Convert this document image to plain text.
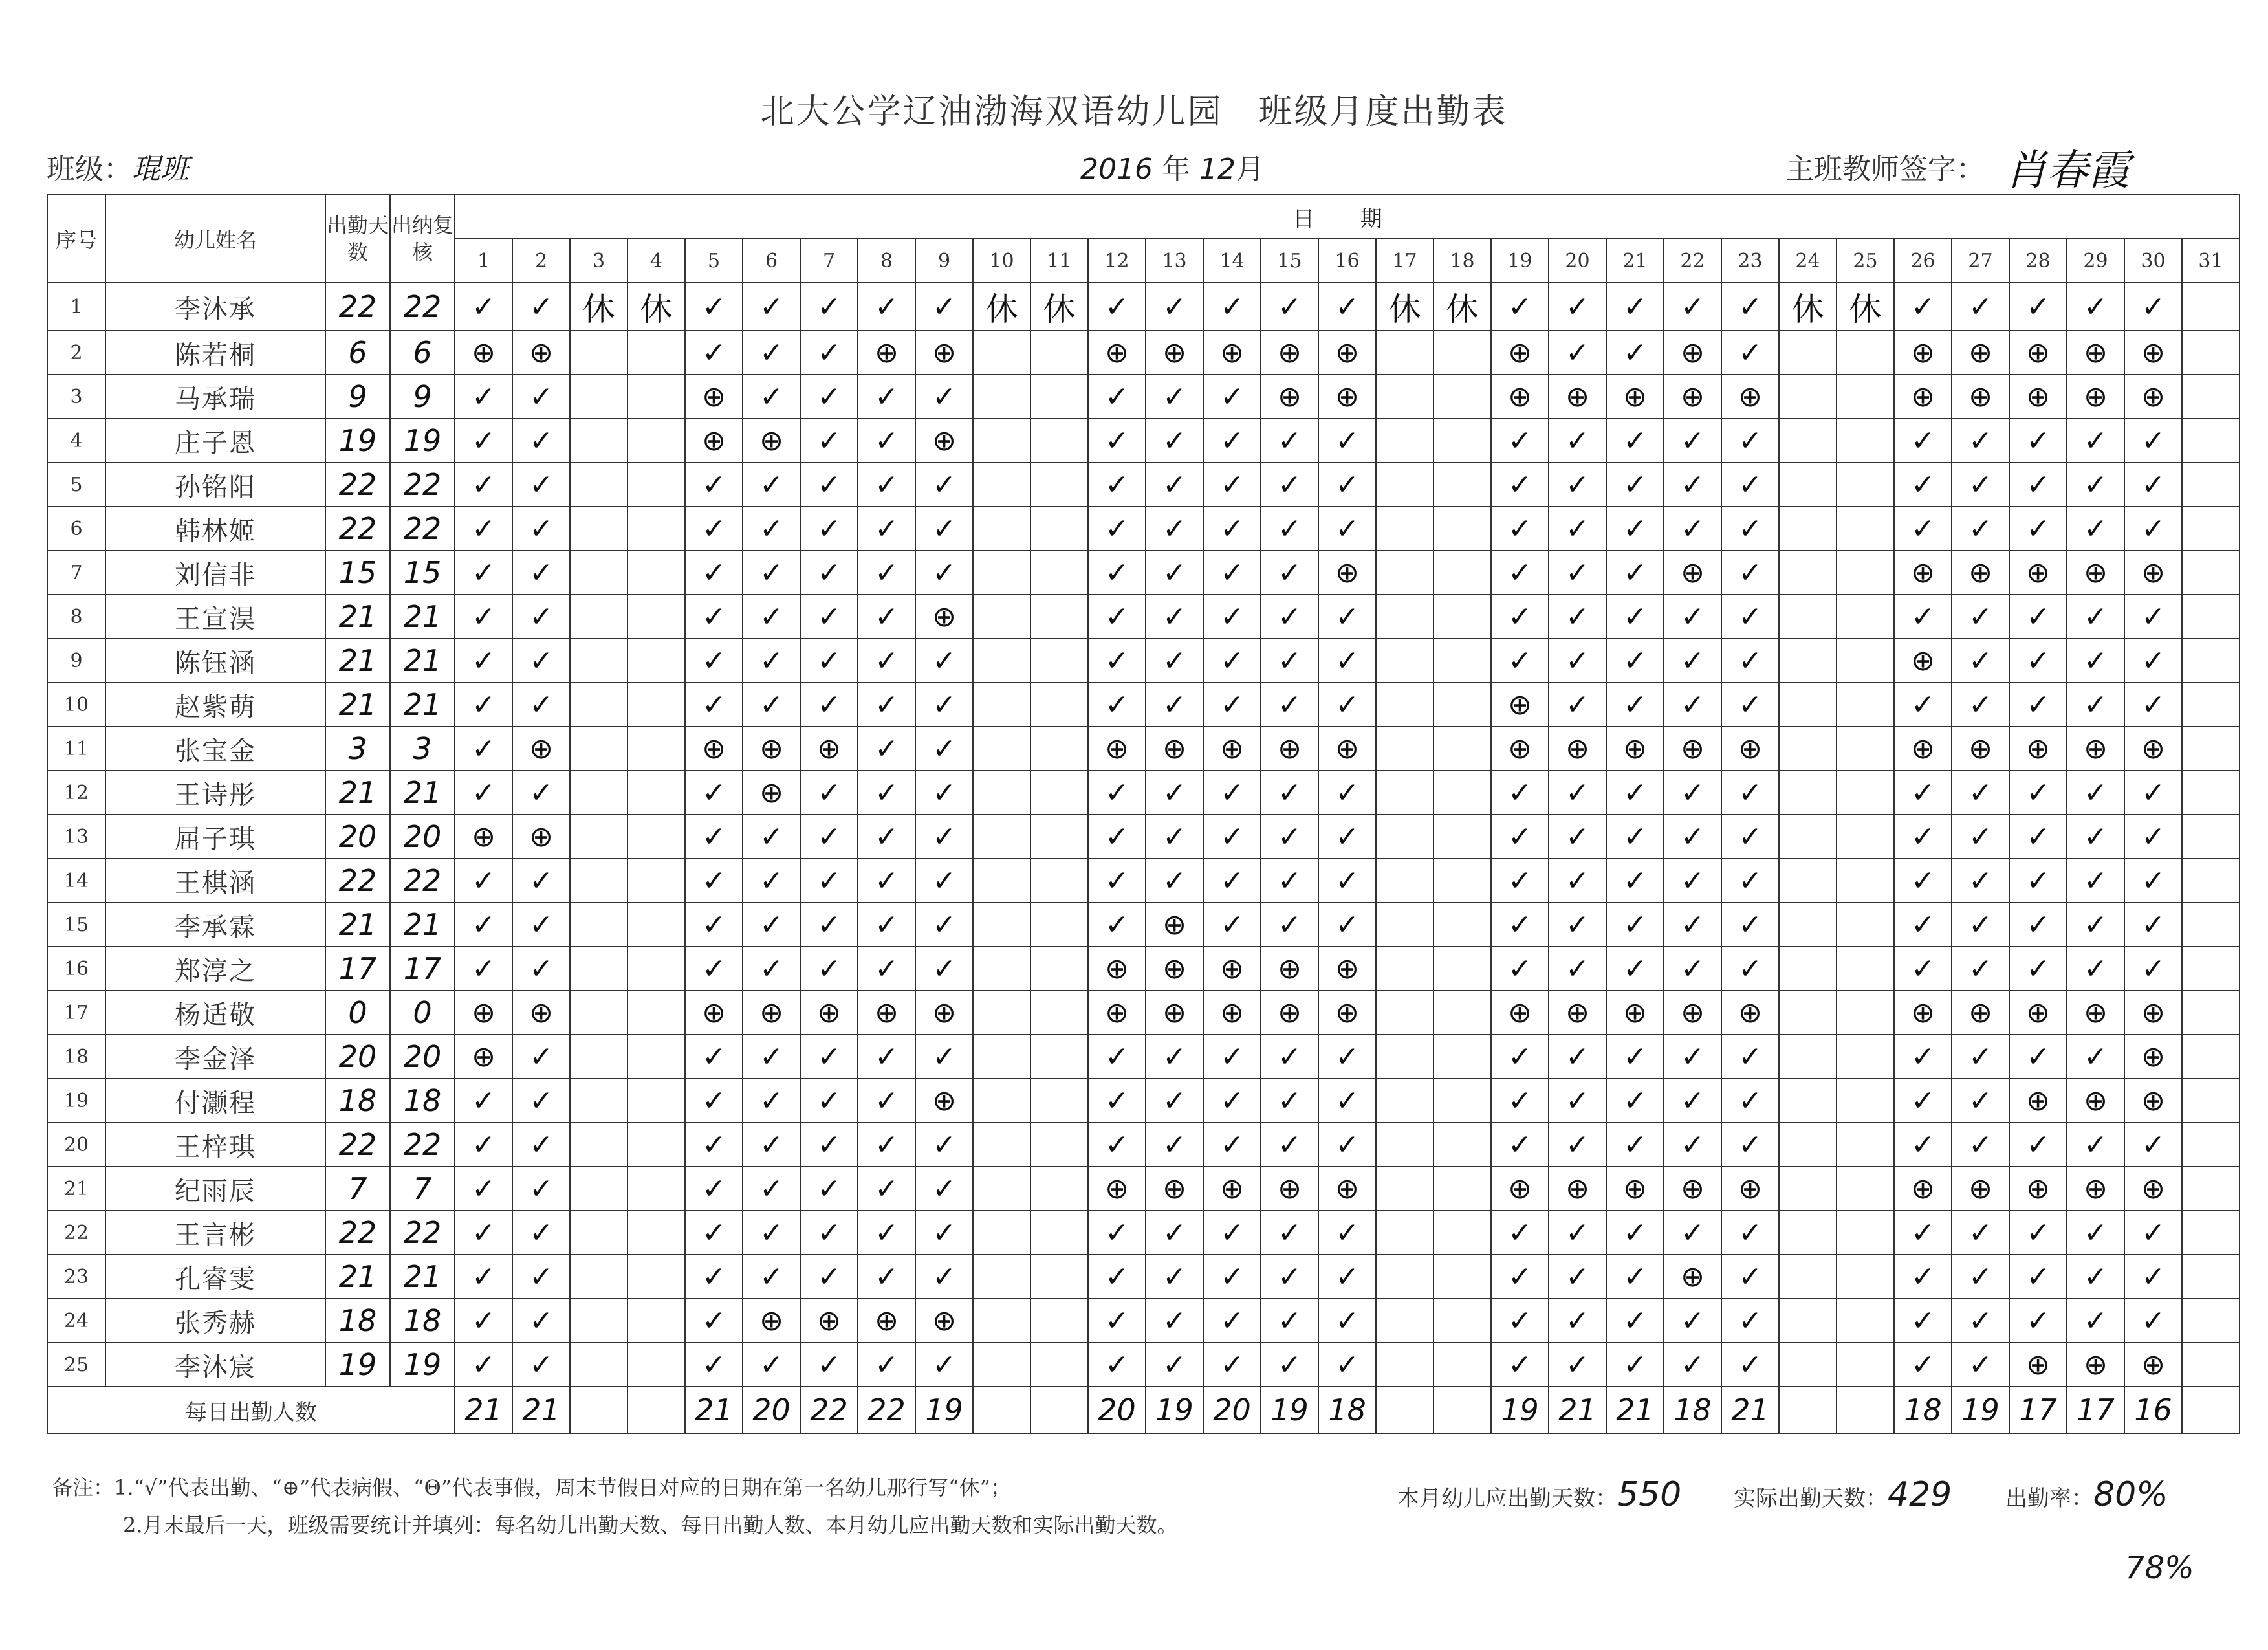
北大公学辽油渤海双语幼儿园　班级月度出勤表
班级：琨班	2016 年 12月	主班教师签字： 肖春霞
序号	幼儿姓名	出勤天数	出纳复核	日 期																														
				1	2	3	4	5	6	7	8	9	10	11	12	13	14	15	16	17	18	19	20	21	22	23	24	25	26	27	28	29	30	31
1	李沐承	22	22	✓	✓	休	休	✓	✓	✓	✓	✓	休	休	✓	✓	✓	✓	✓	休	休	✓	✓	✓	✓	✓	休	休	✓	✓	✓	✓	✓	
2	陈若桐	6	6	⊕	⊕			✓	✓	✓	⊕	⊕			⊕	⊕	⊕	⊕	⊕			⊕	✓	✓	⊕	✓			⊕	⊕	⊕	⊕	⊕	
3	马承瑞	9	9	✓	✓			⊕	✓	✓	✓	✓			✓	✓	✓	⊕	⊕			⊕	⊕	⊕	⊕	⊕			⊕	⊕	⊕	⊕	⊕	
4	庄子恩	19	19	✓	✓			⊕	⊕	✓	✓	⊕			✓	✓	✓	✓	✓			✓	✓	✓	✓	✓			✓	✓	✓	✓	✓	
5	孙铭阳	22	22	✓	✓			✓	✓	✓	✓	✓			✓	✓	✓	✓	✓			✓	✓	✓	✓	✓			✓	✓	✓	✓	✓	
6	韩林姬	22	22	✓	✓			✓	✓	✓	✓	✓			✓	✓	✓	✓	✓			✓	✓	✓	✓	✓			✓	✓	✓	✓	✓	
7	刘信非	15	15	✓	✓			✓	✓	✓	✓	✓			✓	✓	✓	✓	⊕			✓	✓	✓	⊕	✓			⊕	⊕	⊕	⊕	⊕	
8	王宣淏	21	21	✓	✓			✓	✓	✓	✓	⊕			✓	✓	✓	✓	✓			✓	✓	✓	✓	✓			✓	✓	✓	✓	✓	
9	陈钰涵	21	21	✓	✓			✓	✓	✓	✓	✓			✓	✓	✓	✓	✓			✓	✓	✓	✓	✓			⊕	✓	✓	✓	✓	
10	赵紫萌	21	21	✓	✓			✓	✓	✓	✓	✓			✓	✓	✓	✓	✓			⊕	✓	✓	✓	✓			✓	✓	✓	✓	✓	
11	张宝金	3	3	✓	⊕			⊕	⊕	⊕	✓	✓			⊕	⊕	⊕	⊕	⊕			⊕	⊕	⊕	⊕	⊕			⊕	⊕	⊕	⊕	⊕	
12	王诗彤	21	21	✓	✓			✓	⊕	✓	✓	✓			✓	✓	✓	✓	✓			✓	✓	✓	✓	✓			✓	✓	✓	✓	✓	
13	屈子琪	20	20	⊕	⊕			✓	✓	✓	✓	✓			✓	✓	✓	✓	✓			✓	✓	✓	✓	✓			✓	✓	✓	✓	✓	
14	王棋涵	22	22	✓	✓			✓	✓	✓	✓	✓			✓	✓	✓	✓	✓			✓	✓	✓	✓	✓			✓	✓	✓	✓	✓	
15	李承霖	21	21	✓	✓			✓	✓	✓	✓	✓			✓	⊕	✓	✓	✓			✓	✓	✓	✓	✓			✓	✓	✓	✓	✓	
16	郑淳之	17	17	✓	✓			✓	✓	✓	✓	✓			⊕	⊕	⊕	⊕	⊕			✓	✓	✓	✓	✓			✓	✓	✓	✓	✓	
17	杨适敬	0	0	⊕	⊕			⊕	⊕	⊕	⊕	⊕			⊕	⊕	⊕	⊕	⊕			⊕	⊕	⊕	⊕	⊕			⊕	⊕	⊕	⊕	⊕	
18	李金泽	20	20	⊕	✓			✓	✓	✓	✓	✓			✓	✓	✓	✓	✓			✓	✓	✓	✓	✓			✓	✓	✓	✓	⊕	
19	付灏程	18	18	✓	✓			✓	✓	✓	✓	⊕			✓	✓	✓	✓	✓			✓	✓	✓	✓	✓			✓	✓	⊕	⊕	⊕	
20	王梓琪	22	22	✓	✓			✓	✓	✓	✓	✓			✓	✓	✓	✓	✓			✓	✓	✓	✓	✓			✓	✓	✓	✓	✓	
21	纪雨辰	7	7	✓	✓			✓	✓	✓	✓	✓			⊕	⊕	⊕	⊕	⊕			⊕	⊕	⊕	⊕	⊕			⊕	⊕	⊕	⊕	⊕	
22	王言彬	22	22	✓	✓			✓	✓	✓	✓	✓			✓	✓	✓	✓	✓			✓	✓	✓	✓	✓			✓	✓	✓	✓	✓	
23	孔睿雯	21	21	✓	✓			✓	✓	✓	✓	✓			✓	✓	✓	✓	✓			✓	✓	✓	⊕	✓			✓	✓	✓	✓	✓	
24	张秀赫	18	18	✓	✓			✓	⊕	⊕	⊕	⊕			✓	✓	✓	✓	✓			✓	✓	✓	✓	✓			✓	✓	✓	✓	✓	
25	李沐宸	19	19	✓	✓			✓	✓	✓	✓	✓			✓	✓	✓	✓	✓			✓	✓	✓	✓	✓			✓	✓	⊕	⊕	⊕	
每日出勤人数				21	21			21	20	22	22	19			20	19	20	19	18			19	21	21	18	21			18	19	17	17	16	
备注：1.“√”代表出勤、“⊕”代表病假、“Θ”代表事假，周末节假日对应的日期在第一名幼儿那行写“休”；
2.月末最后一天，班级需要统计并填列：每名幼儿出勤天数、每日出勤人数、本月幼儿应出勤天数和实际出勤天数。
本月幼儿应出勤天数：550 实际出勤天数：429 出勤率：80%
78%
